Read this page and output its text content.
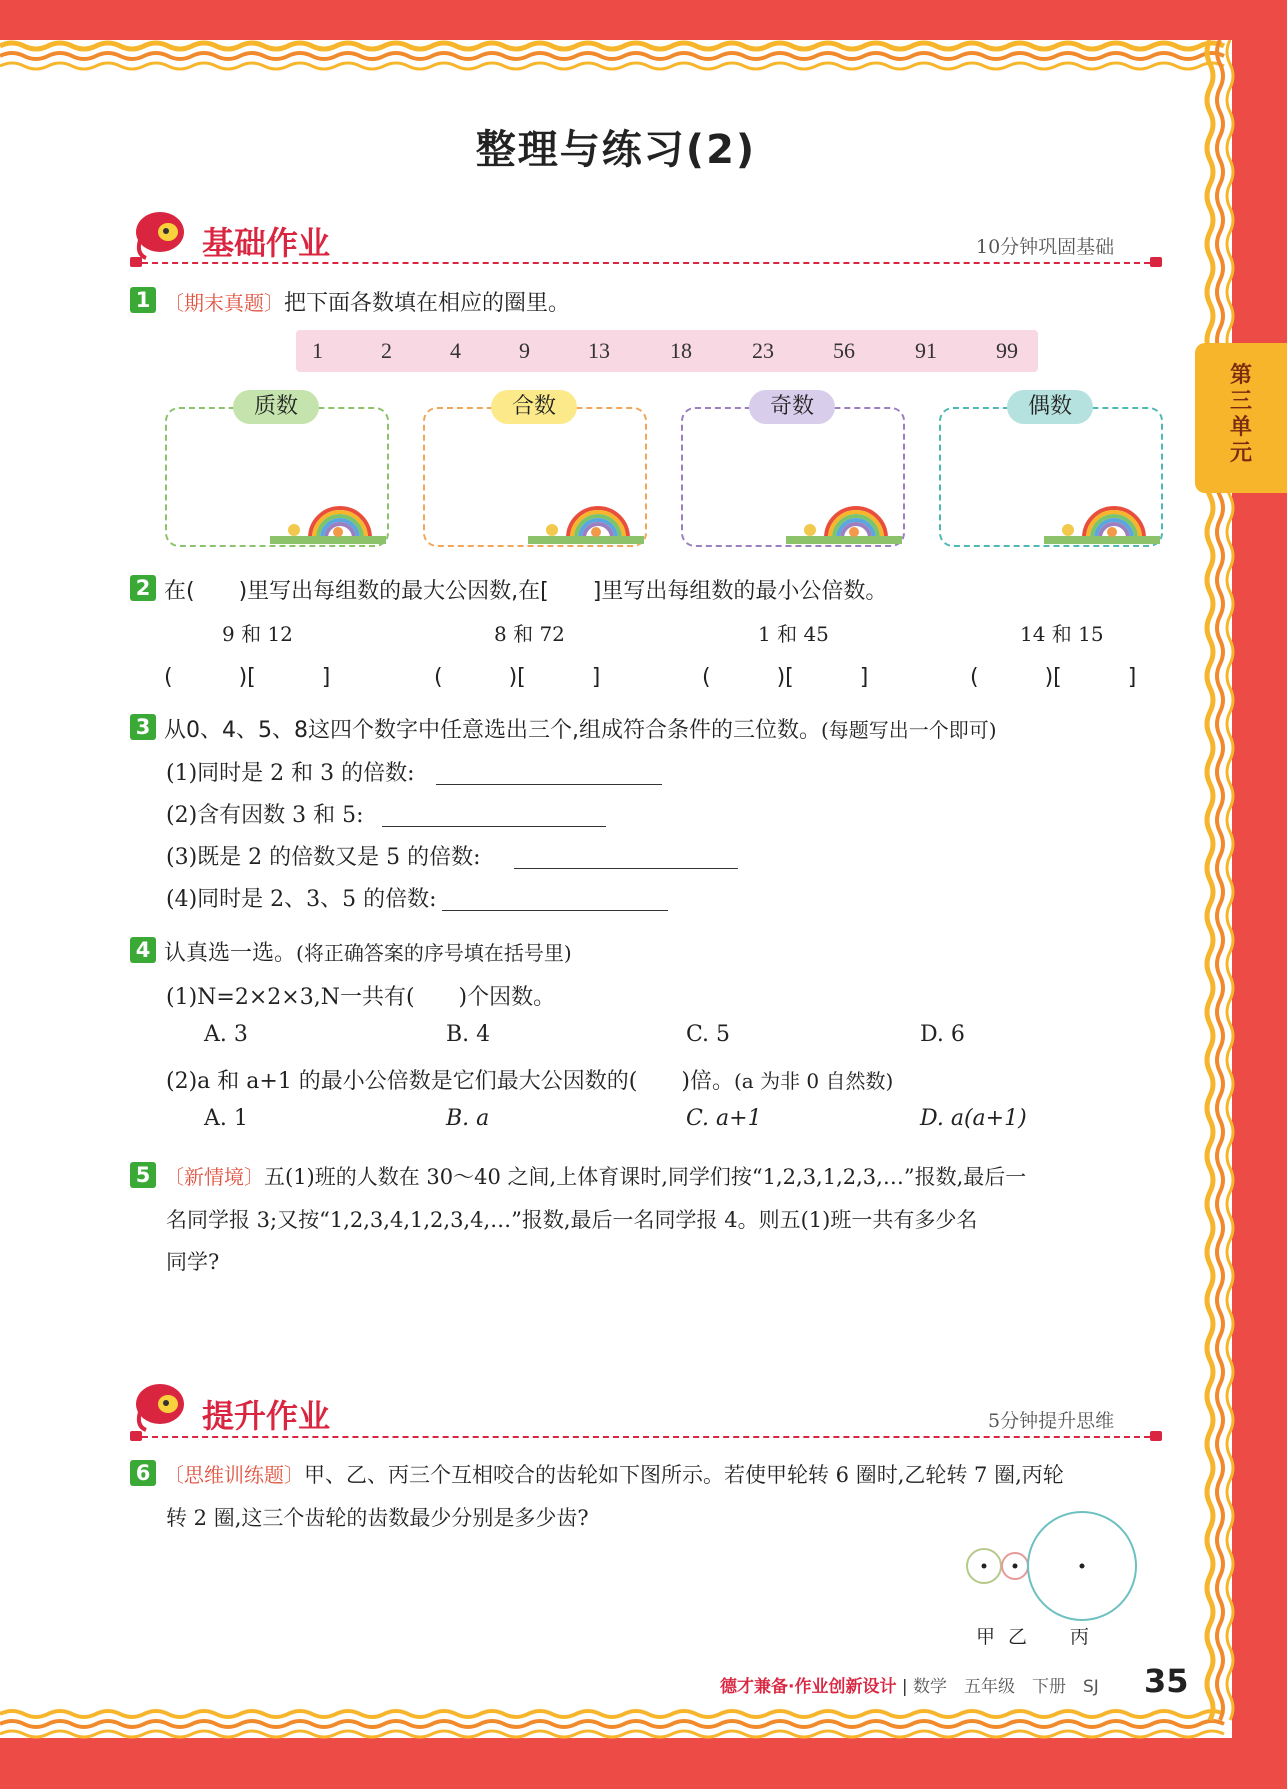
第
三
单
元
整理与练习(2)
基础作业	10分钟巩固基础
1 〔期末真题〕把下面各数填在相应的圈里。
1	2	4	9	13	18	23	56	91	99
质数	合数	奇数	偶数
2 在(　　)里写出每组数的最大公因数,在[　　]里写出每组数的最小公倍数。
9 和 12	8 和 72	1 和 45	14 和 15
(　　　)[　　　]	(　　　)[　　　]	(　　　)[　　　]	(　　　)[　　　]
3 从0、4、5、8这四个数字中任意选出三个,组成符合条件的三位数。(每题写出一个即可)
(1)同时是 2 和 3 的倍数:
(2)含有因数 3 和 5:
(3)既是 2 的倍数又是 5 的倍数:
(4)同时是 2、3、5 的倍数:
4 认真选一选。(将正确答案的序号填在括号里)
(1)N=2×2×3,N一共有(　　)个因数。
A. 3	B. 4	C. 5	D. 6
(2)a 和 a+1 的最小公倍数是它们最大公因数的(　　)倍。(a 为非 0 自然数)
A. 1	B. a	C. a+1	D. a(a+1)
5 〔新情境〕五(1)班的人数在 30～40 之间,上体育课时,同学们按“1,2,3,1,2,3,…”报数,最后一
名同学报 3;又按“1,2,3,4,1,2,3,4,…”报数,最后一名同学报 4。则五(1)班一共有多少名
同学?
提升作业	5分钟提升思维
6 〔思维训练题〕甲、乙、丙三个互相咬合的齿轮如下图所示。若使甲轮转 6 圈时,乙轮转 7 圈,丙轮
转 2 圈,这三个齿轮的齿数最少分别是多少齿?
甲 乙 丙
德才兼备·作业创新设计 | 数学　五年级　下册　SJ 35
